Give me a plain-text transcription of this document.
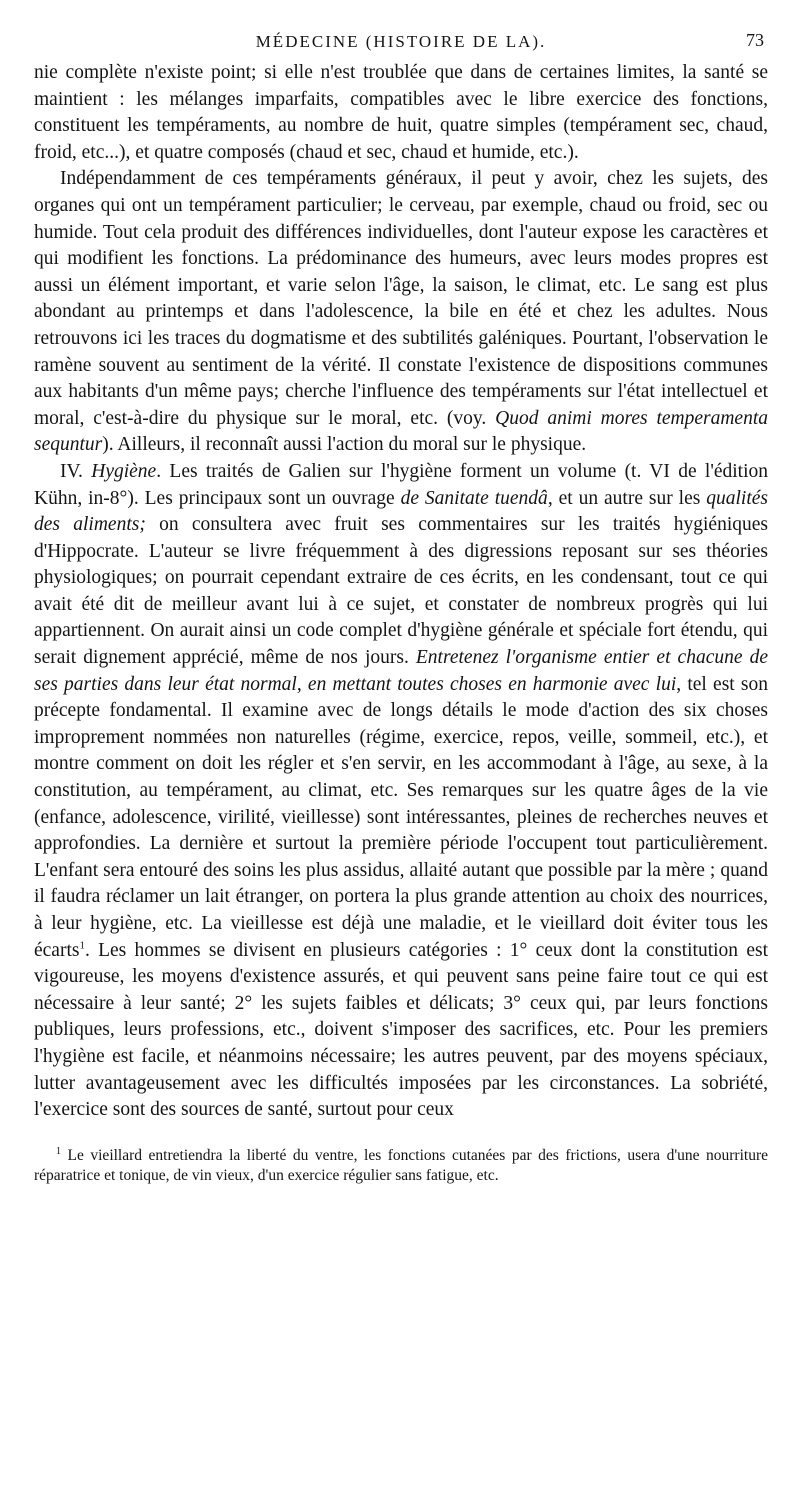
MÉDECINE (HISTOIRE DE LA).	73

nie complète n'existe point; si elle n'est troublée que dans de certaines limites, la santé se maintient : les mélanges imparfaits, compatibles avec le libre exercice des fonctions, constituent les tempéraments, au nombre de huit, quatre simples (tempérament sec, chaud, froid, etc...), et quatre composés (chaud et sec, chaud et humide, etc.).

Indépendamment de ces tempéraments généraux, il peut y avoir, chez les sujets, des organes qui ont un tempérament particulier; le cerveau, par exemple, chaud ou froid, sec ou humide. Tout cela produit des différences individuelles, dont l'auteur expose les caractères et qui modifient les fonctions. La prédominance des humeurs, avec leurs modes propres est aussi un élément important, et varie selon l'âge, la saison, le climat, etc. Le sang est plus abondant au printemps et dans l'adolescence, la bile en été et chez les adultes. Nous retrouvons ici les traces du dogmatisme et des subtilités galéniques. Pourtant, l'observation le ramène souvent au sentiment de la vérité. Il constate l'existence de dispositions communes aux habitants d'un même pays; cherche l'influence des tempéraments sur l'état intellectuel et moral, c'est-à-dire du physique sur le moral, etc. (voy. Quod animi mores temperamenta sequntur). Ailleurs, il reconnaît aussi l'action du moral sur le physique.

IV. Hygiène. Les traités de Galien sur l'hygiène forment un volume (t. VI de l'édition Kühn, in-8°). Les principaux sont un ouvrage de Sanitate tuendâ, et un autre sur les qualités des aliments; on consultera avec fruit ses commentaires sur les traités hygiéniques d'Hippocrate. L'auteur se livre fréquemment à des digressions reposant sur ses théories physiologiques; on pourrait cependant extraire de ces écrits, en les condensant, tout ce qui avait été dit de meilleur avant lui à ce sujet, et constater de nombreux progrès qui lui appartiennent. On aurait ainsi un code complet d'hygiène générale et spéciale fort étendu, qui serait dignement apprécié, même de nos jours. Entretenez l'organisme entier et chacune de ses parties dans leur état normal, en mettant toutes choses en harmonie avec lui, tel est son précepte fondamental. Il examine avec de longs détails le mode d'action des six choses improprement nommées non naturelles (régime, exercice, repos, veille, sommeil, etc.), et montre comment on doit les régler et s'en servir, en les accommodant à l'âge, au sexe, à la constitution, au tempérament, au climat, etc. Ses remarques sur les quatre âges de la vie (enfance, adolescence, virilité, vieillesse) sont intéressantes, pleines de recherches neuves et approfondies. La dernière et surtout la première période l'occupent tout particulièrement. L'enfant sera entouré des soins les plus assidus, allaité autant que possible par la mère ; quand il faudra réclamer un lait étranger, on portera la plus grande attention au choix des nourrices, à leur hygiène, etc. La vieillesse est déjà une maladie, et le vieillard doit éviter tous les écarts$^1$. Les hommes se divisent en plusieurs catégories : 1° ceux dont la constitution est vigoureuse, les moyens d'existence assurés, et qui peuvent sans peine faire tout ce qui est nécessaire à leur santé; 2° les sujets faibles et délicats; 3° ceux qui, par leurs fonctions publiques, leurs professions, etc., doivent s'imposer des sacrifices, etc. Pour les premiers l'hygiène est facile, et néanmoins nécessaire; les autres peuvent, par des moyens spéciaux, lutter avantageusement avec les difficultés imposées par les circonstances. La sobriété, l'exercice sont des sources de santé, surtout pour ceux

$^1$ Le vieillard entretiendra la liberté du ventre, les fonctions cutanées par des frictions, usera d'une nourriture réparatrice et tonique, de vin vieux, d'un exercice régulier sans fatigue, etc.
